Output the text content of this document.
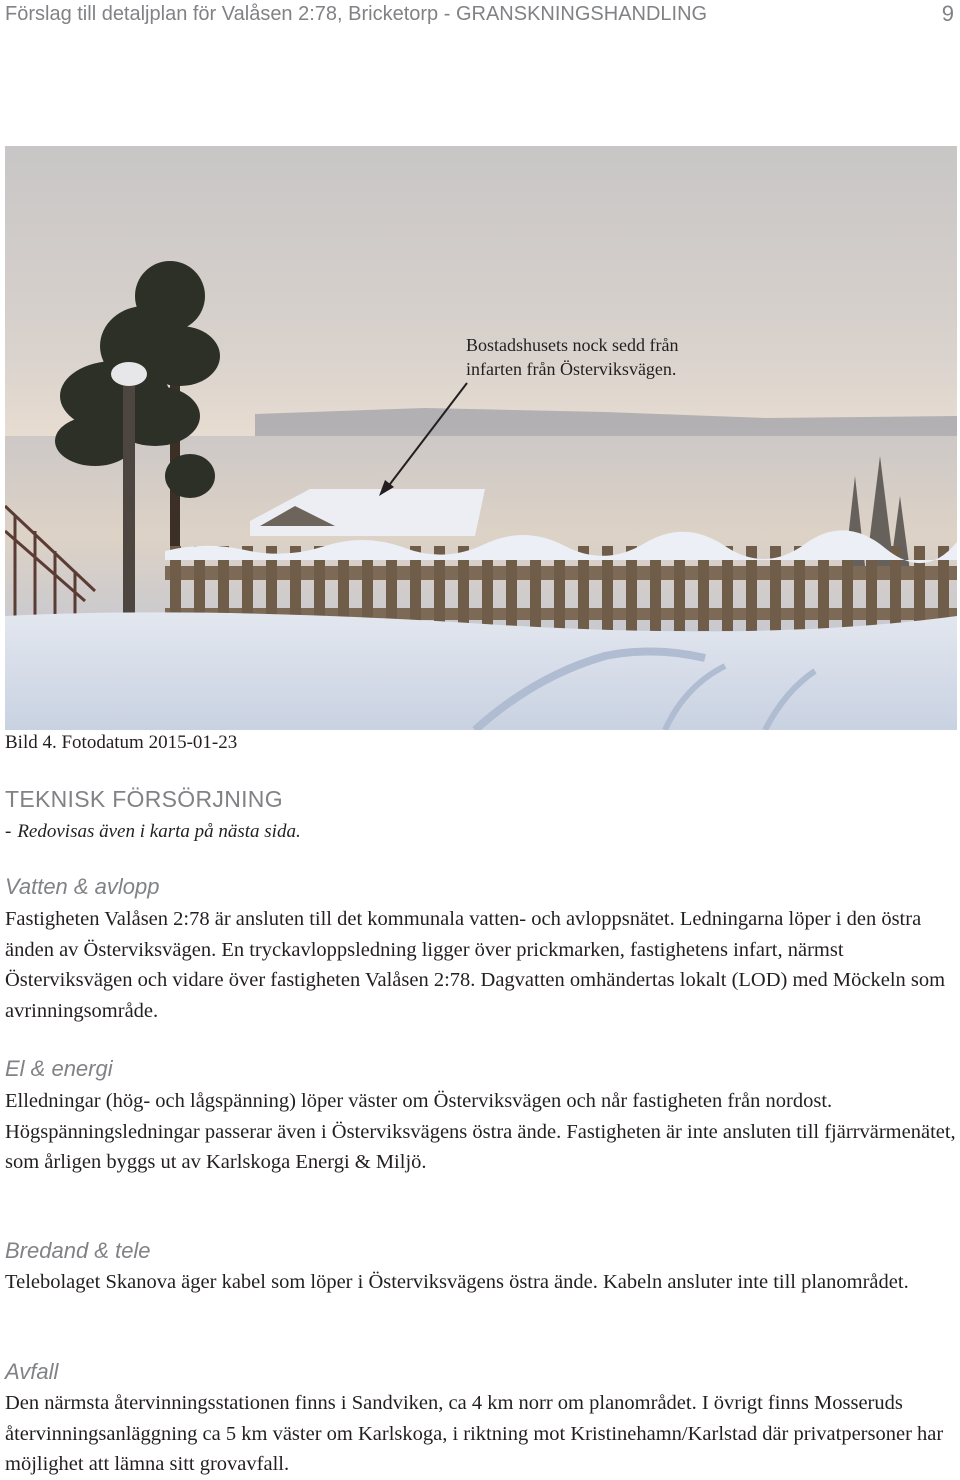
Förslag till detaljplan för Valåsen 2:78, Bricketorp - GRANSKNINGSHANDLING	9
Bostadshusets nock sedd från
infarten från Österviksvägen.
Bild 4. Fotodatum 2015-01-23
TEKNISK FÖRSÖRJNING
- Redovisas även i karta på nästa sida.
Vatten & avlopp
Fastigheten Valåsen 2:78 är ansluten till det kommunala vatten- och avloppsnätet. Ledningarna löper i den östra änden av Österviksvägen. En tryckavloppsledning ligger över prickmarken, fastighetens infart, närmst Österviksvägen och vidare över fastigheten Valåsen 2:78. Dagvatten omhändertas lokalt (LOD) med Möckeln som avrinningsområde.
El & energi
Elledningar (hög- och lågspänning) löper väster om Österviksvägen och når fastigheten från nordost. Högspänningsledningar passerar även i Österviksvägens östra ände. Fastigheten är inte ansluten till fjärrvärmenätet, som årligen byggs ut av Karlskoga Energi & Miljö.
Bredand & tele
Telebolaget Skanova äger kabel som löper i Österviksvägens östra ände. Kabeln ansluter inte till planområdet.
Avfall
Den närmsta återvinningsstationen finns i Sandviken, ca 4 km norr om planområdet. I övrigt finns Mosseruds återvinningsanläggning ca 5 km väster om Karlskoga, i riktning mot Kristinehamn/Karlstad där privatpersoner har möjlighet att lämna sitt grovavfall.
